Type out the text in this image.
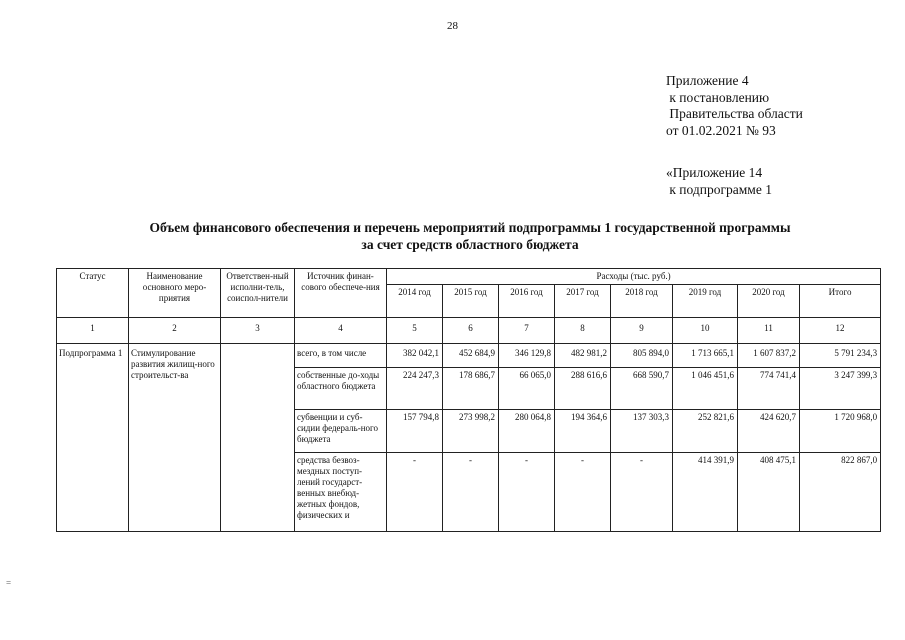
28
Приложение 4
к постановлению
Правительства области
от 01.02.2021 № 93
«Приложение 14
к подпрограмме 1
Объем финансового обеспечения и перечень мероприятий подпрограммы 1 государственной программы
за счет средств областного бюджета
Статус	Наименование основного меро-приятия	Ответствен-ный исполни-тель, соиспол-нители	Источник финан-сового обеспече-ния	Расходы (тыс. руб.)							
				2014 год	2015 год	2016 год	2017 год	2018 год	2019 год	2020 год	Итого
1	2	3	4	5	6	7	8	9	10	11	12
Подпрограмма 1	Стимулирование развития жилищ-ного строительст-ва		всего, в том числе	382 042,1	452 684,9	346 129,8	482 981,2	805 894,0	1 713 665,1	1 607 837,2	5 791 234,3
			собственные до-ходы областного бюджета	224 247,3	178 686,7	66 065,0	288 616,6	668 590,7	1 046 451,6	774 741,4	3 247 399,3
			субвенции и суб-сидии федераль-ного бюджета	157 794,8	273 998,2	280 064,8	194 364,6	137 303,3	252 821,6	424 620,7	1 720 968,0
			средства безвоз-мездных поступ-лений государст-венных внебюд-жетных фондов, физических и	-	-	-	-	-	414 391,9	408 475,1	822 867,0
=
